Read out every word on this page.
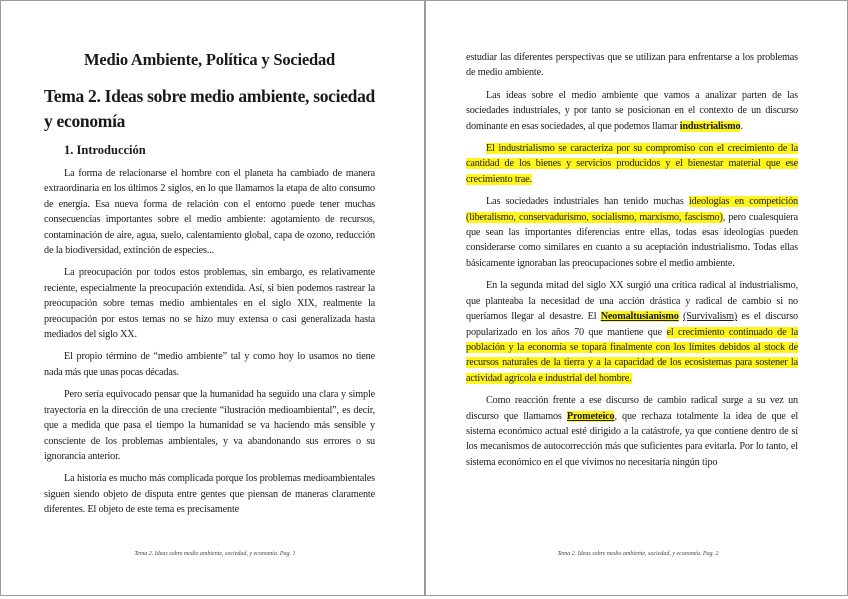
Medio Ambiente, Política y Sociedad
Tema 2. Ideas sobre medio ambiente, sociedad y economía
1. Introducción

La forma de relacionarse el hombre con el planeta ha cambiado de manera extraordinaria en los últimos 2 siglos, en lo que llamamos la etapa de alto consumo de energía. Esa nueva forma de relación con el entorno puede tener muchas consecuencias importantes sobre el medio ambiente: agotamiento de recursos, contaminación de aire, agua, suelo, calentamiento global, capa de ozono, reducción de la biodiversidad, extinción de especies...

La preocupación por todos estos problemas, sin embargo, es relativamente reciente, especialmente la preocupación extendida. Así, si bien podemos rastrear la preocupación sobre temas medio ambientales en el siglo XIX, realmente la preocupación por estos temas no se hizo muy extensa o casi generalizada hasta mediados del siglo XX.

El propio término de “medio ambiente” tal y como hoy lo usamos no tiene nada más que unas pocas décadas.

Pero sería equivocado pensar que la humanidad ha seguido una clara y simple trayectoria en la dirección de una creciente “ilustración medioambiental”, es decir, que a medida que pasa el tiempo la humanidad se va haciendo más sensible y consciente de los problemas ambientales, y va abandonando sus errores o su ignorancia anterior.

La historia es mucho más complicada porque los problemas medioambientales siguen siendo objeto de disputa entre gentes que piensan de maneras claramente diferentes. El objeto de este tema es precisamente

Tema 2. Ideas sobre medio ambiente, sociedad, y economía. Pag. 1

estudiar las diferentes perspectivas que se utilizan para enfrentarse a los problemas de medio ambiente.

Las ideas sobre el medio ambiente que vamos a analizar parten de las sociedades industriales, y por tanto se posicionan en el contexto de un discurso dominante en esas sociedades, al que podemos llamar industrialismo.

El industrialismo se caracteriza por su compromiso con el crecimiento de la cantidad de los bienes y servicios producidos y el bienestar material que ese crecimiento trae.

Las sociedades industriales han tenido muchas ideologías en competición (liberalismo, conservadurismo, socialismo, marxismo, fascismo), pero cualesquiera que sean las importantes diferencias entre ellas, todas esas ideologías pueden considerarse como similares en cuanto a su aceptación industrialismo. Todas ellas básicamente ignoraban las preocupaciones sobre el medio ambiente.

En la segunda mitad del siglo XX surgió una crítica radical al industrialismo, que planteaba la necesidad de una acción drástica y radical de cambio si no queríamos llegar al desastre. El Neomaltusianismo (Survivalism) es el discurso popularizado en los años 70 que mantiene que el crecimiento continuado de la población y la economía se topará finalmente con los límites debidos al stock de recursos naturales de la tierra y a la capacidad de los ecosistemas para sostener la actividad agrícola e industrial del hombre.

Como reacción frente a ese discurso de cambio radical surge a su vez un discurso que llamamos Prometeico, que rechaza totalmente la idea de que el sistema económico actual esté dirigido a la catástrofe, ya que contiene dentro de sí los mecanismos de autocorrección más que suficientes para evitarla. Por lo tanto, el sistema económico en el que vivimos no necesitaría ningún tipo

Tema 2. Ideas sobre medio ambiente, sociedad, y economía. Pag. 2
